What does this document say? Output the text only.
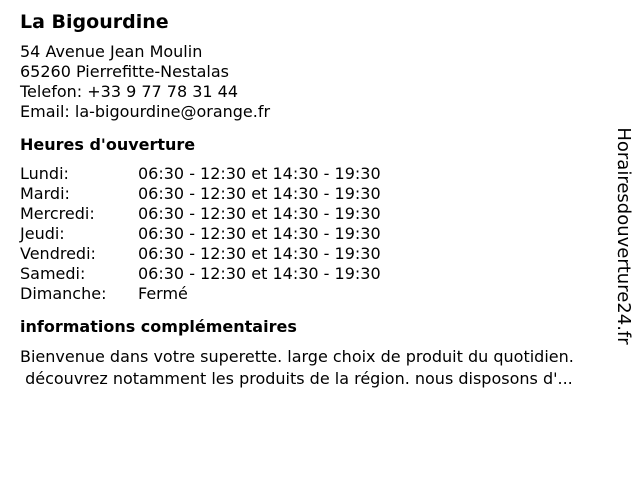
La Bigourdine
54 Avenue Jean Moulin
65260 Pierrefitte-Nestalas
Telefon: +33 9 77 78 31 44
Email: la-bigourdine@orange.fr
Heures d'ouverture
Lundi:	06:30 - 12:30 et 14:30 - 19:30
Mardi:	06:30 - 12:30 et 14:30 - 19:30
Mercredi:	06:30 - 12:30 et 14:30 - 19:30
Jeudi:	06:30 - 12:30 et 14:30 - 19:30
Vendredi:	06:30 - 12:30 et 14:30 - 19:30
Samedi:	06:30 - 12:30 et 14:30 - 19:30
Dimanche:	Fermé
informations complémentaires
Bienvenue dans votre superette. large choix de produit du quotidien.
découvrez notamment les produits de la région. nous disposons d'...
Horairesdouverture24.fr
